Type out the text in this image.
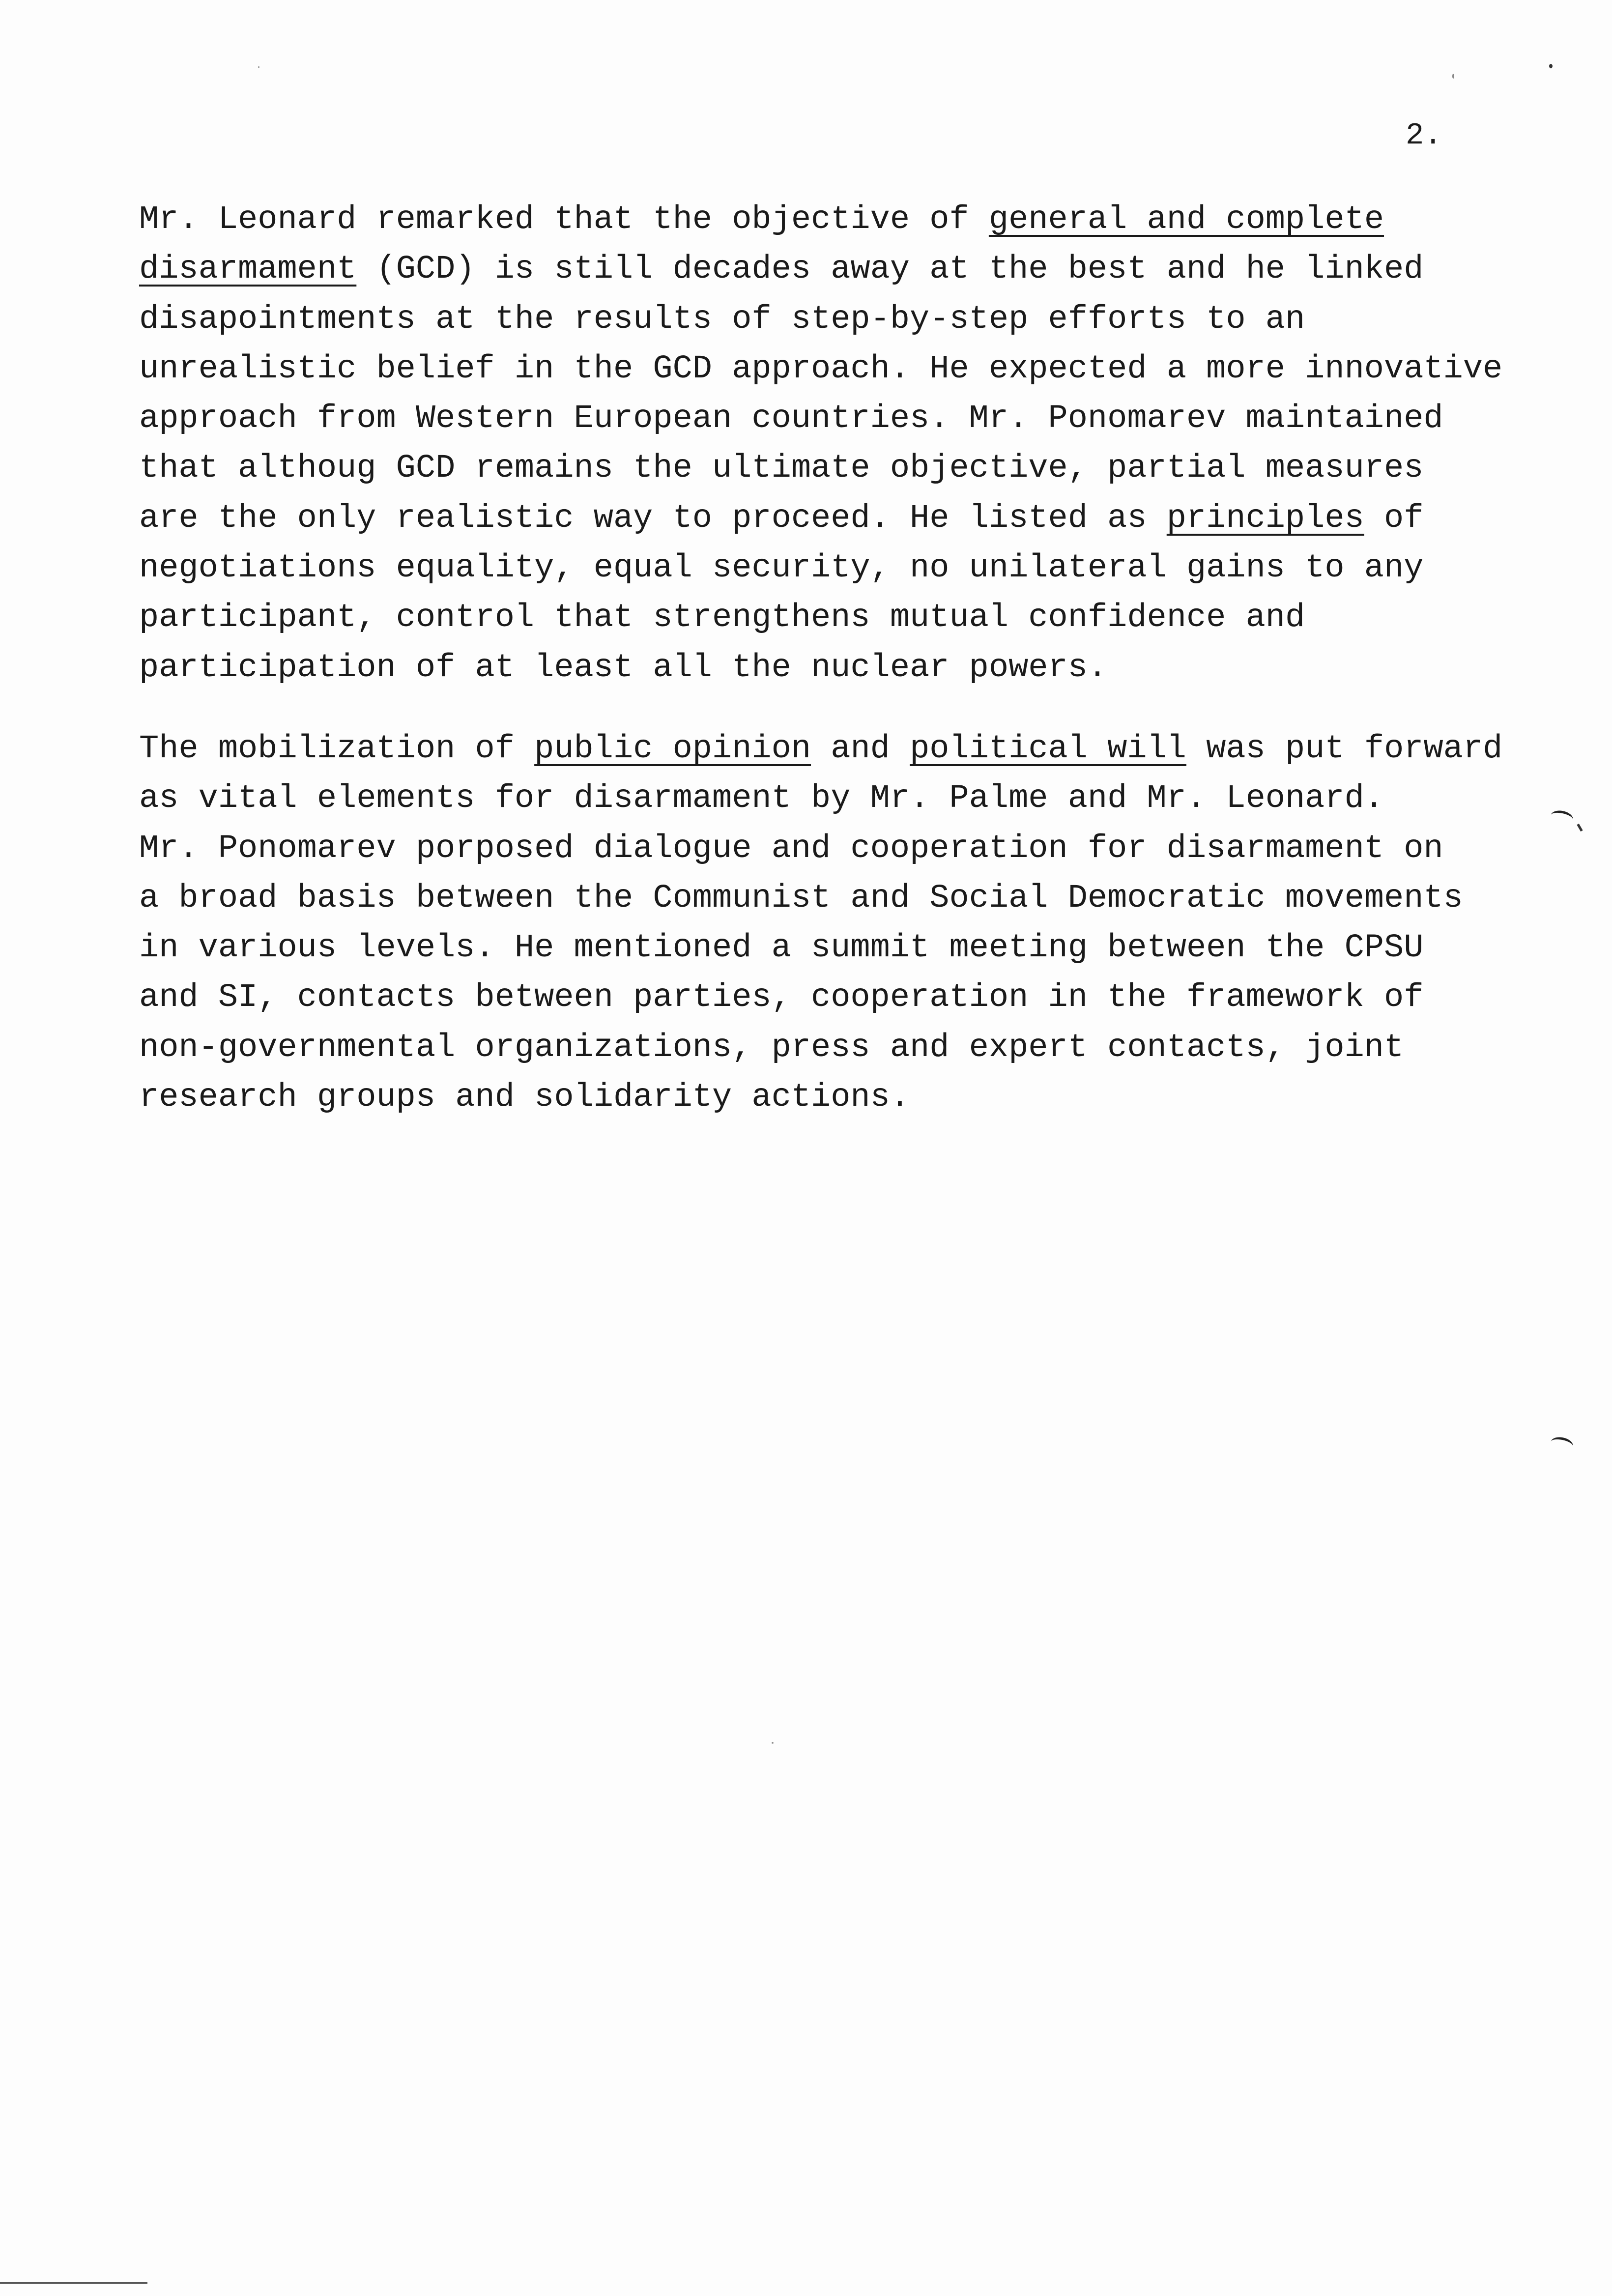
2.
Mr. Leonard remarked that the objective of general and complete
disarmament (GCD) is still decades away at the best and he linked
disapointments at the results of step-by-step efforts to an
unrealistic belief in the GCD approach. He expected a more innovative
approach from Western European countries. Mr. Ponomarev maintained
that althoug GCD remains the ultimate objective, partial measures
are the only realistic way to proceed. He listed as principles of
negotiations equality, equal security, no unilateral gains to any
participant, control that strengthens mutual confidence and
participation of at least all the nuclear powers.
The mobilization of public opinion and political will was put forward
as vital elements for disarmament by Mr. Palme and Mr. Leonard.
Mr. Ponomarev porposed dialogue and cooperation for disarmament on
a broad basis between the Communist and Social Democratic movements
in various levels. He mentioned a summit meeting between the CPSU
and SI, contacts between parties, cooperation in the framework of
non-governmental organizations, press and expert contacts, joint
research groups and solidarity actions.
